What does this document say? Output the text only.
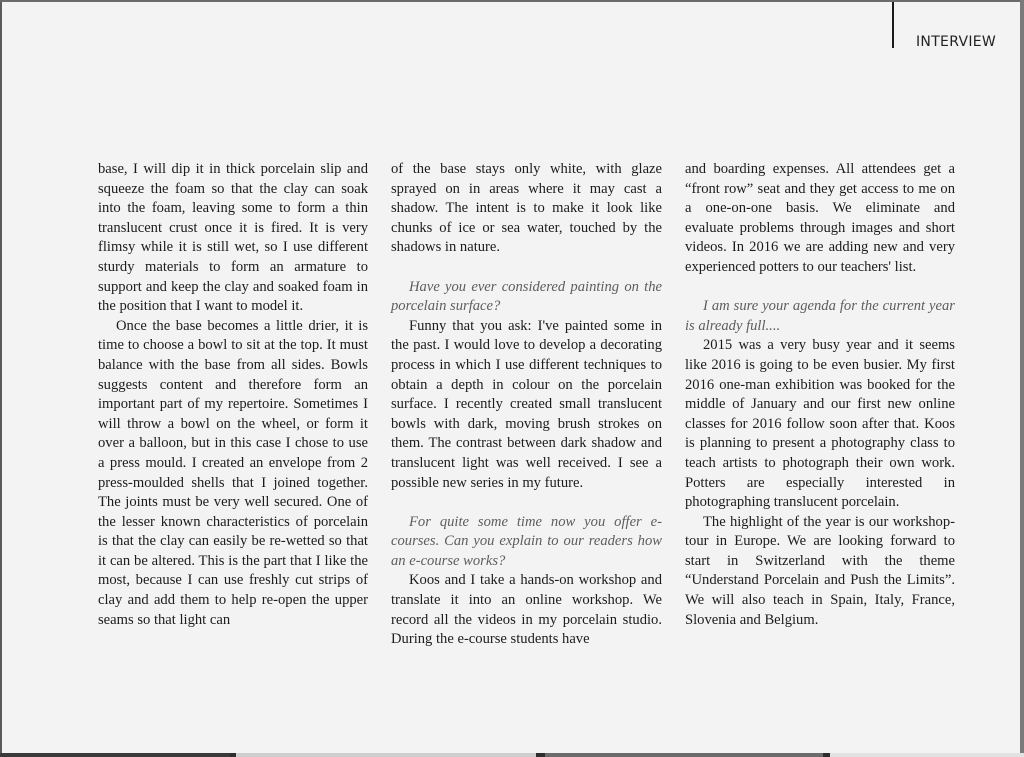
INTERVIEW

base, I will dip it in thick porcelain slip and squeeze the foam so that the clay can soak into the foam, leaving some to form a thin translucent crust once it is fired. It is very flimsy while it is still wet, so I use different sturdy materials to form an armature to support and keep the clay and soaked foam in the position that I want to model it.

Once the base becomes a little drier, it is time to choose a bowl to sit at the top. It must balance with the base from all sides. Bowls suggests content and therefore form an important part of my repertoire. Sometimes I will throw a bowl on the wheel, or form it over a balloon, but in this case I chose to use a press mould. I created an envelope from 2 press-moulded shells that I joined together. The joints must be very well secured. One of the lesser known characteristics of porcelain is that the clay can easily be re-wetted so that it can be altered. This is the part that I like the most, because I can use freshly cut strips of clay and add them to help re-open the upper seams so that light can

of the base stays only white, with glaze sprayed on in areas where it may cast a shadow. The intent is to make it look like chunks of ice or sea water, touched by the shadows in nature.

Have you ever considered painting on the porcelain surface?

Funny that you ask: I've painted some in the past. I would love to develop a decorating process in which I use different techniques to obtain a depth in colour on the porcelain surface. I recently created small translucent bowls with dark, moving brush strokes on them. The contrast between dark shadow and translucent light was well received. I see a possible new series in my future.

For quite some time now you offer e-courses. Can you explain to our readers how an e-course works?

Koos and I take a hands-on workshop and translate it into an online workshop. We record all the videos in my porcelain studio. During the e-course students have

and boarding expenses. All attendees get a “front row” seat and they get access to me on a one-on-one basis. We eliminate and evaluate problems through images and short videos. In 2016 we are adding new and very experienced potters to our teachers' list.

I am sure your agenda for the current year is already full....

2015 was a very busy year and it seems like 2016 is going to be even busier. My first 2016 one-man exhibition was booked for the middle of January and our first new online classes for 2016 follow soon after that. Koos is planning to present a photography class to teach artists to photograph their own work. Potters are especially interested in photographing translucent porcelain.

The highlight of the year is our workshop-tour in Europe. We are looking forward to start in Switzerland with the theme “Understand Porcelain and Push the Limits”. We will also teach in Spain, Italy, France, Slovenia and Belgium.
